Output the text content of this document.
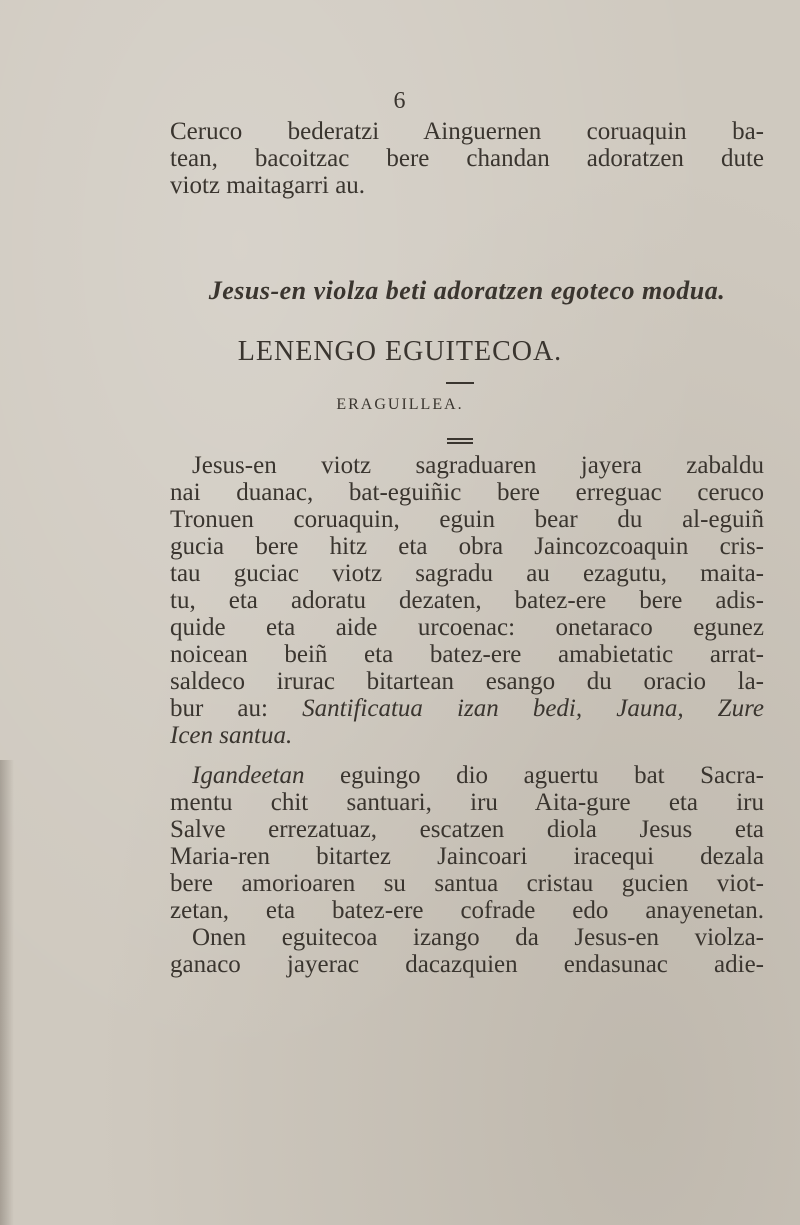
6
Ceruco bederatzi Ainguernen coruaquin ba-
tean, bacoitzac bere chandan adoratzen dute
viotz maitagarri au.
Jesus-en violza beti adoratzen egoteco modua.
LENENGO EGUITECOA.
ERAGUILLEA.
Jesus-en viotz sagraduaren jayera zabaldu
nai duanac, bat-eguiñic bere erreguac ceruco
Tronuen coruaquin, eguin bear du al-eguiñ
gucia bere hitz eta obra Jaincozcoaquin cris-
tau guciac viotz sagradu au ezagutu, maita-
tu, eta adoratu dezaten, batez-ere bere adis-
quide eta aide urcoenac: onetaraco egunez
noicean beiñ eta batez-ere amabietatic arrat-
saldeco irurac bitartean esango du oracio la-
bur au: Santificatua izan bedi, Jauna, Zure
Icen santua.
Igandeetan eguingo dio aguertu bat Sacra-
mentu chit santuari, iru Aita-gure eta iru
Salve errezatuaz, escatzen diola Jesus eta
Maria-ren bitartez Jaincoari iracequi dezala
bere amorioaren su santua cristau gucien viot-
zetan, eta batez-ere cofrade edo anayenetan.
Onen eguitecoa izango da Jesus-en violza-
ganaco jayerac dacazquien endasunac adie-
